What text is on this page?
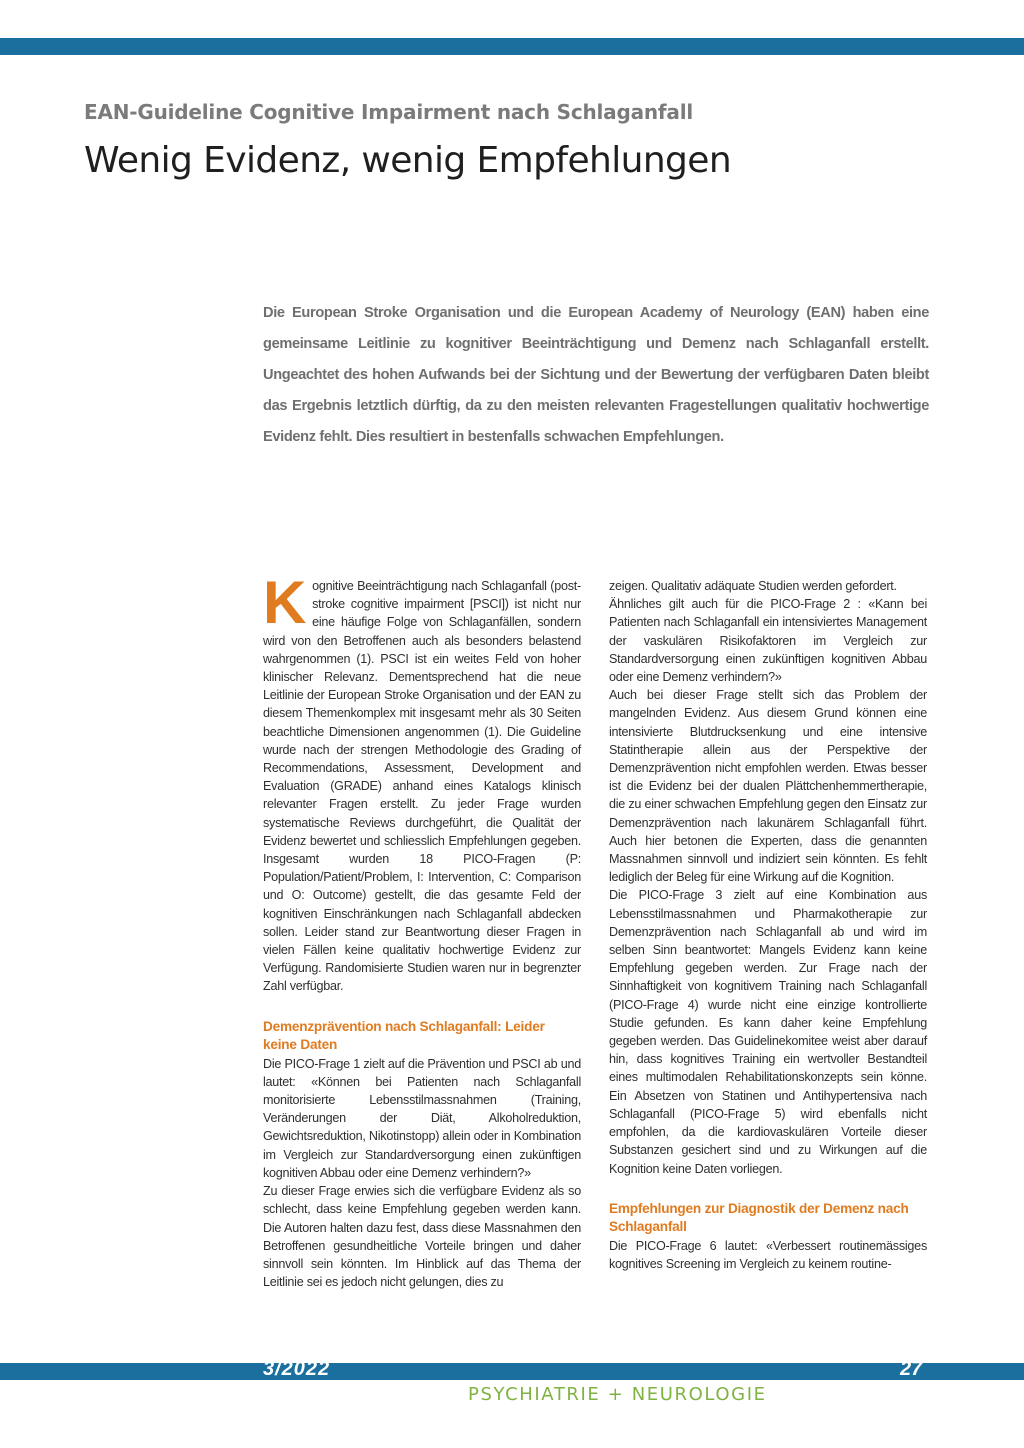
EAN-Guideline Cognitive Impairment nach Schlaganfall
Wenig Evidenz, wenig Empfehlungen
Die European Stroke Organisation und die European Academy of Neurology (EAN) haben eine gemeinsame Leitlinie zu kognitiver Beeinträchtigung und Demenz nach Schlaganfall erstellt. Ungeachtet des hohen Aufwands bei der Sichtung und der Bewertung der verfügbaren Daten bleibt das Ergebnis letztlich dürftig, da zu den meisten relevanten Fragestellungen qualitativ hochwertige Evidenz fehlt. Dies resultiert in bestenfalls schwachen Empfehlungen.

Kognitive Beeinträchtigung nach Schlaganfall (post-stroke cognitive impairment [PSCI]) ist nicht nur eine häufige Folge von Schlaganfällen, sondern wird von den Betroffenen auch als besonders belastend wahrgenommen (1). PSCI ist ein weites Feld von hoher klinischer Relevanz. Dementsprechend hat die neue Leitlinie der European Stroke Organisation und der EAN zu diesem Themenkomplex mit insgesamt mehr als 30 Seiten beachtliche Dimensionen angenommen (1). Die Guideline wurde nach der strengen Methodologie des Grading of Recommendations, Assessment, Development and Evaluation (GRADE) anhand eines Katalogs klinisch relevanter Fragen erstellt. Zu jeder Frage wurden systematische Reviews durchgeführt, die Qualität der Evidenz bewertet und schliesslich Empfehlungen gegeben. Insgesamt wurden 18 PICO-Fragen (P: Population/Patient/Problem, I: Intervention, C: Comparison und O: Outcome) gestellt, die das gesamte Feld der kognitiven Einschränkungen nach Schlaganfall abdecken sollen. Leider stand zur Beantwortung dieser Fragen in vielen Fällen keine qualitativ hochwertige Evidenz zur Verfügung. Randomisierte Studien waren nur in begrenzter Zahl verfügbar.

Demenzprävention nach Schlaganfall: Leider keine Daten

Die PICO-Frage 1 zielt auf die Prävention und PSCI ab und lautet: «Können bei Patienten nach Schlaganfall monitorisierte Lebensstilmassnahmen (Training, Veränderungen der Diät, Alkoholreduktion, Gewichtsreduktion, Nikotinstopp) allein oder in Kombination im Vergleich zur Standardversorgung einen zukünftigen kognitiven Abbau oder eine Demenz verhindern?»

Zu dieser Frage erwies sich die verfügbare Evidenz als so schlecht, dass keine Empfehlung gegeben werden kann. Die Autoren halten dazu fest, dass diese Massnahmen den Betroffenen gesundheitliche Vorteile bringen und daher sinnvoll sein könnten. Im Hinblick auf das Thema der Leitlinie sei es jedoch nicht gelungen, dies zu

zeigen. Qualitativ adäquate Studien werden gefordert.

Ähnliches gilt auch für die PICO-Frage 2 : «Kann bei Patienten nach Schlaganfall ein intensiviertes Management der vaskulären Risikofaktoren im Vergleich zur Standardversorgung einen zukünftigen kognitiven Abbau oder eine Demenz verhindern?»

Auch bei dieser Frage stellt sich das Problem der mangelnden Evidenz. Aus diesem Grund können eine intensivierte Blutdrucksenkung und eine intensive Statintherapie allein aus der Perspektive der Demenzprävention nicht empfohlen werden. Etwas besser ist die Evidenz bei der dualen Plättchenhemmertherapie, die zu einer schwachen Empfehlung gegen den Einsatz zur Demenzprävention nach lakunärem Schlaganfall führt. Auch hier betonen die Experten, dass die genannten Massnahmen sinnvoll und indiziert sein könnten. Es fehlt lediglich der Beleg für eine Wirkung auf die Kognition.

Die PICO-Frage 3 zielt auf eine Kombination aus Lebensstilmassnahmen und Pharmakotherapie zur Demenzprävention nach Schlaganfall ab und wird im selben Sinn beantwortet: Mangels Evidenz kann keine Empfehlung gegeben werden. Zur Frage nach der Sinnhaftigkeit von kognitivem Training nach Schlaganfall (PICO-Frage 4) wurde nicht eine einzige kontrollierte Studie gefunden. Es kann daher keine Empfehlung gegeben werden. Das Guidelinekomitee weist aber darauf hin, dass kognitives Training ein wertvoller Bestandteil eines multimodalen Rehabilitationskonzepts sein könne. Ein Absetzen von Statinen und Antihypertensiva nach Schlaganfall (PICO-Frage 5) wird ebenfalls nicht empfohlen, da die kardiovaskulären Vorteile dieser Substanzen gesichert sind und zu Wirkungen auf die Kognition keine Daten vorliegen.

Empfehlungen zur Diagnostik der Demenz nach Schlaganfall

Die PICO-Frage 6 lautet: «Verbessert routinemässiges kognitives Screening im Vergleich zu keinem routine-

3/2022	27
PSYCHIATRIE + NEUROLOGIE
